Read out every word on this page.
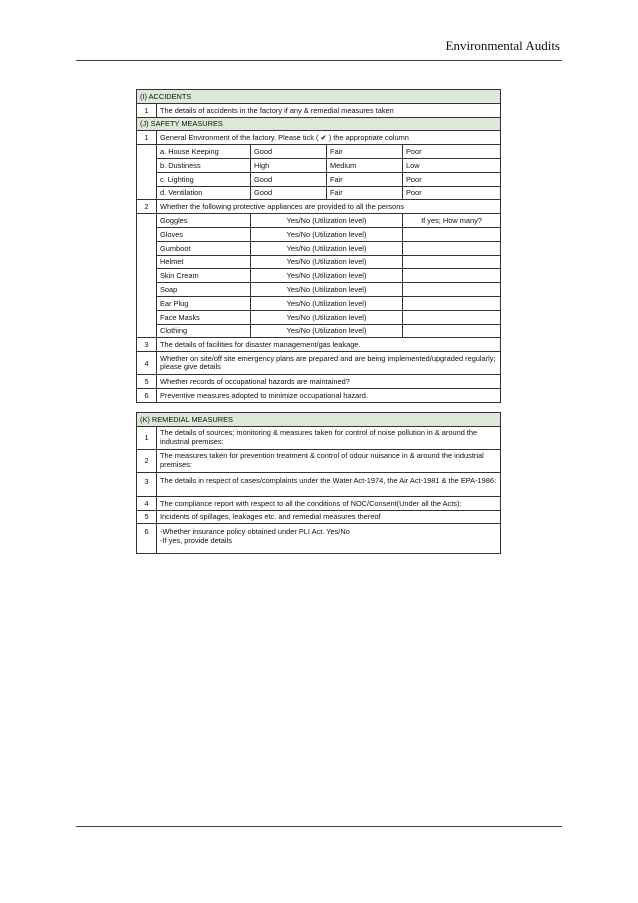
Environmental Audits
(I) ACCIDENTS				
1	The details of accidents in the factory if any & remedial measures taken			
(J) SAFETY MEASURES				
1	General Environment of the factory. Please tick ( ✔ ) the appropriate column			
	a. House Keeping	Good	Fair	Poor
	b. Dustiness	High	Medium	Low
	c. Lighting	Good	Fair	Poor
	d. Ventilation	Good	Fair	Poor
2	Whether the following protective appliances are provided to all the persons			
	Goggles	Yes/No (Utilization level)		If yes; How many?
	Gloves	Yes/No (Utilization level)		
	Gumboot	Yes/No (Utilization level)		
	Helmet	Yes/No (Utilization level)		
	Skin Cream	Yes/No (Utilization level)		
	Soap	Yes/No (Utilization level)		
	Ear Plug	Yes/No (Utilization level)		
	Face Masks	Yes/No (Utilization level)		
	Clothing	Yes/No (Utilization level)		
3	The details of facilities for disaster management/gas leakage.			
4	Whether on site/off site emergency plans are prepared and are being implemented/upgraded regularly; please give details			
5	Whether records of occupational hazards are maintained?			
6	Preventive measures adopted to minimize occupational hazard.			
(K) REMEDIAL MEASURES	
1	The details of sources; monitoring & measures taken for control of noise pollution in & around the industrial premises:
2	The measures taken for prevention treatment & control of odour nuisance in & around the industrial premises:
3	The details in respect of cases/complaints under the Water Act-1974, the Air Act-1981 & the EPA-1986:
4	The compliance report with respect to all the conditions of NOC/Consent(Under all the Acts):
5	Incidents of spillages, leakages etc. and remedial measures thereof
6	-Whether insurance policy obtained under PLI Act. Yes/No
-If yes, provide details
